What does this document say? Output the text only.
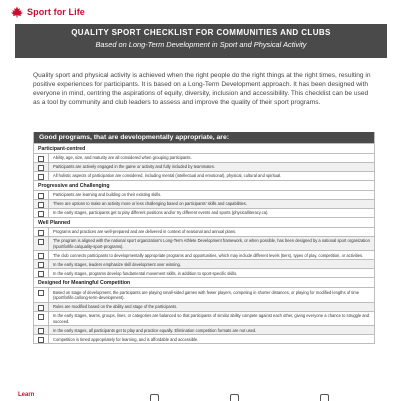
Sport for Life
QUALITY SPORT CHECKLIST FOR COMMUNITIES AND CLUBS
Based on Long-Term Development in Sport and Physical Activity

Quality sport and physical activity is achieved when the right people do the right things at the right times, resulting in positive experiences for participants. It is based on a Long-Term Development approach. It has been designed with everyone in mind, centring the aspirations of equity, diversity, inclusion and accessibility. This checklist can be used as a tool by community and club leaders to assess and improve the quality of their sport programs.

Good programs, that are developmentally appropriate, are:
Participant-centred
Ability, age, size, and maturity are all considered when grouping participants.
Participants are actively engaged in the game or activity and fully included by teammates.
All holistic aspects of participation are considered, including mental (intellectual and emotional), physical, cultural and spiritual.
Progressive and Challenging
Participants are learning and building on their existing skills.
There are options to make an activity more or less challenging based on participants' skills and capabilities.
In the early stages, participants get to play different positions and/or try different events and sports (physicalliteracy.ca).
Well Planned
Programs and practices are well-prepared and are delivered in context of seasonal and annual plans.
The program is aligned with the national sport organization's Long-Term Athlete Development framework, or when possible, has been designed by a national sport organization (sportforlife.ca/quality-sport-programs).
The club connects participants to developmentally appropriate programs and opportunities, which may include different levels (tiers), types of play, competition, or activities.
In the early stages, leaders emphasize skill development over winning.
In the early stages, programs develop fundamental movement skills, in addition to sport-specific skills.
Designed for Meaningful Competition
Based on stage of development, the participants are playing small-sided games with fewer players, competing in shorter distances, or playing for modified lengths of time (sportforlife.ca/long-term-development).
Rules are modified based on the ability and stage of the participants.
In the early stages, teams, groups, lines, or categories are balanced so that participants of similar ability compete against each other, giving everyone a chance to struggle and succeed.
In the early stages, all participants get to play and practice equally. Elimination competition formats are not used.
Competition is timed appropriately for learning, and is affordable and accessible.
Learn
